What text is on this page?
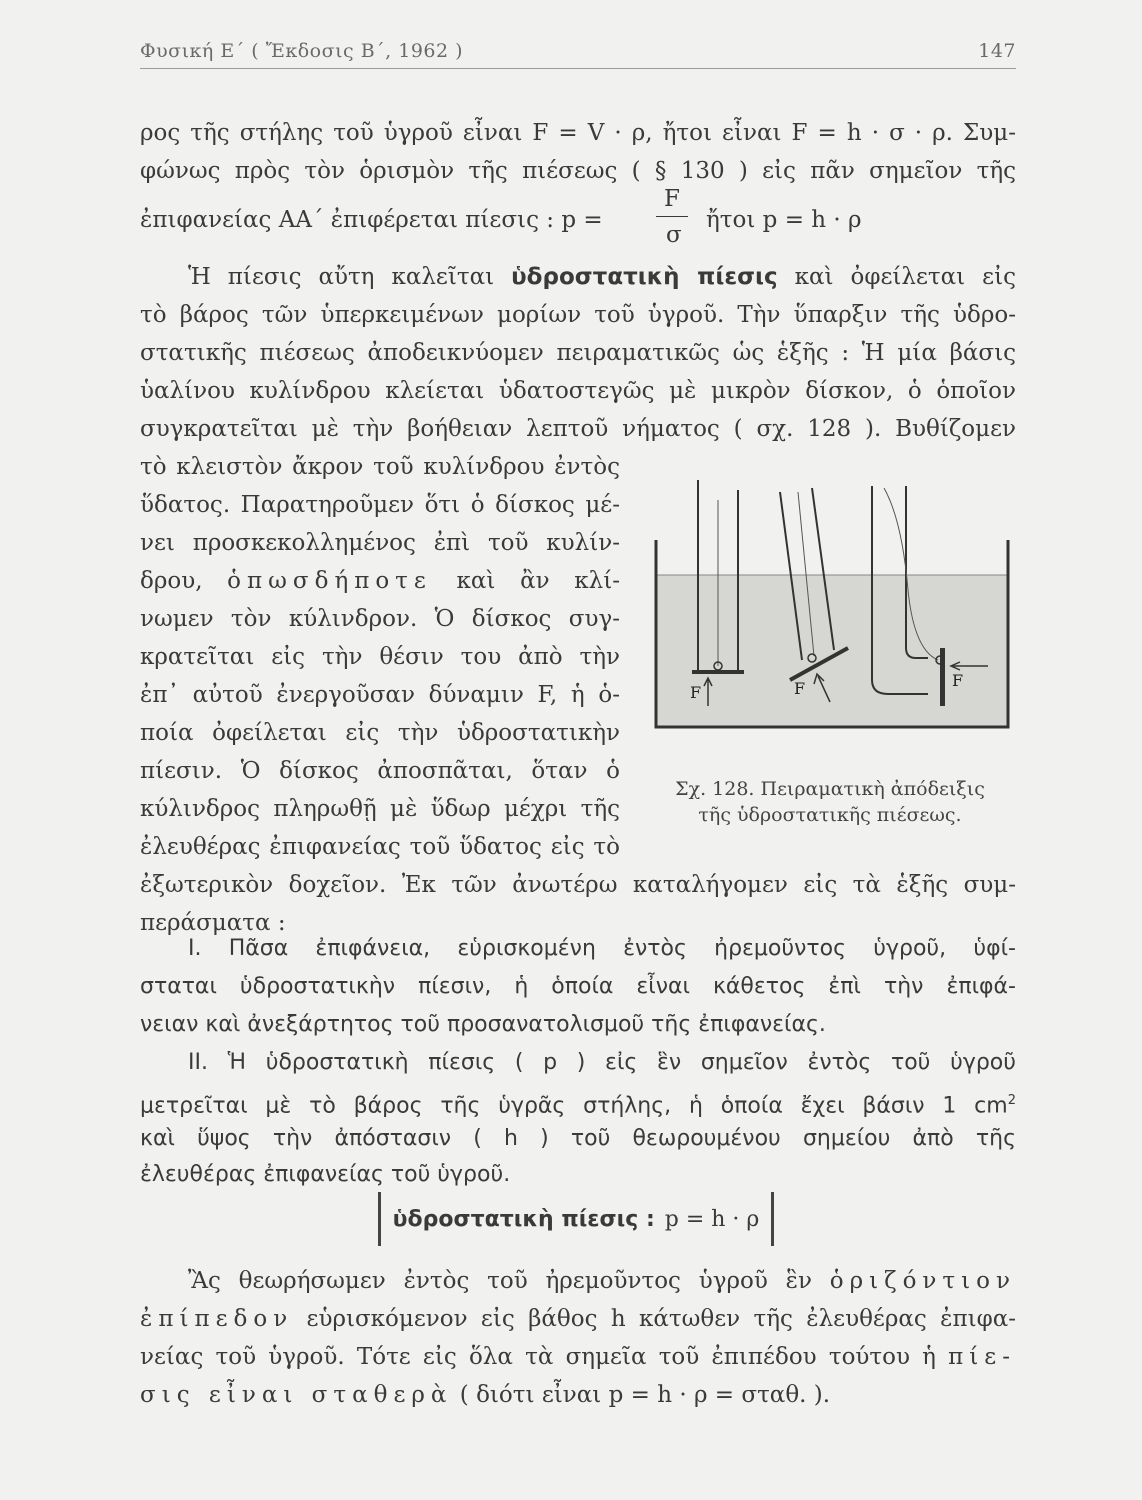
Φυσική Ε΄ ( Ἔκδοσις Β΄, 1962 )	147
ρος τῆς στήλης τοῦ ὑγροῦ εἶναι F = V · ρ, ἤτοι εἶναι F = h · σ · ρ. Συμ-
φώνως πρὸς τὸν ὁρισμὸν τῆς πιέσεως ( § 130 ) εἰς πᾶν σημεῖον τῆς
ἐπιφανείας ΑΑ΄ ἐπιφέρεται πίεσις : p =
F
σ
ἤτοι p = h · ρ
Ἡ πίεσις αὔτη καλεῖται ὑδροστατικὴ πίεσις καὶ ὀφείλεται εἰς
τὸ βάρος τῶν ὑπερκειμένων μορίων τοῦ ὑγροῦ. Τὴν ὕπαρξιν τῆς ὑδρο-
στατικῆς πιέσεως ἀποδεικνύομεν πειραματικῶς ὡς ἑξῆς : Ἡ μία βάσις
ὑαλίνου κυλίνδρου κλείεται ὑδατοστεγῶς μὲ μικρὸν δίσκον, ὁ ὁποῖον
συγκρατεῖται μὲ τὴν βοήθειαν λεπτοῦ νήματος ( σχ. 128 ). Βυθίζομεν
τὸ κλειστὸν ἄκρον τοῦ κυλίνδρου ἐντὸς
ὕδατος. Παρατηροῦμεν ὅτι ὁ δίσκος μέ-
νει προσκεκολλημένος ἐπὶ τοῦ κυλίν-
δρου, ὁπωσδήποτε καὶ ἂν κλί-
νωμεν τὸν κύλινδρον. Ὁ δίσκος συγ-
κρατεῖται εἰς τὴν θέσιν του ἀπὸ τὴν
ἐπ᾽ αὐτοῦ ἐνεργοῦσαν δύναμιν F, ἡ ὁ-
ποία ὀφείλεται εἰς τὴν ὑδροστατικὴν
πίεσιν. Ὁ δίσκος ἀποσπᾶται, ὅταν ὁ
κύλινδρος πληρωθῇ μὲ ὕδωρ μέχρι τῆς
ἐλευθέρας ἐπιφανείας τοῦ ὕδατος εἰς τὸ
ἐξωτερικὸν δοχεῖον. Ἐκ τῶν ἀνωτέρω καταλήγομεν εἰς τὰ ἑξῆς συμ-
περάσματα :
F	F	F
Σχ. 128. Πειραματικὴ ἀπόδειξις
τῆς ὑδροστατικῆς πιέσεως.
I. Πᾶσα ἐπιφάνεια, εὑρισκομένη ἐντὸς ἠρεμοῦντος ὑγροῦ, ὑφί-
σταται ὑδροστατικὴν πίεσιν, ἡ ὁποία εἶναι κάθετος ἐπὶ τὴν ἐπιφά-
νειαν καὶ ἀνεξάρτητος τοῦ προσανατολισμοῦ τῆς ἐπιφανείας.
II. Ἡ ὑδροστατικὴ πίεσις ( p ) εἰς ἓν σημεῖον ἐντὸς τοῦ ὑγροῦ
μετρεῖται μὲ τὸ βάρος τῆς ὑγρᾶς στήλης, ἡ ὁποία ἔχει βάσιν 1 $cm^2$
καὶ ὕψος τὴν ἀπόστασιν ( h ) τοῦ θεωρουμένου σημείου ἀπὸ τῆς
ἐλευθέρας ἐπιφανείας τοῦ ὑγροῦ.
ὑδροστατικὴ πίεσις : p = h · ρ
Ἂς θεωρήσωμεν ἐντὸς τοῦ ἠρεμοῦντος ὑγροῦ ἓν ὁριζόντιον
ἐπίπεδον εὑρισκόμενον εἰς βάθος h κάτωθεν τῆς ἐλευθέρας ἐπιφα-
νείας τοῦ ὑγροῦ. Τότε εἰς ὅλα τὰ σημεῖα τοῦ ἐπιπέδου τούτου ἡ πίε-
σις εἶναι σταθερὰ ( διότι εἶναι p = h · ρ = σταθ. ).
